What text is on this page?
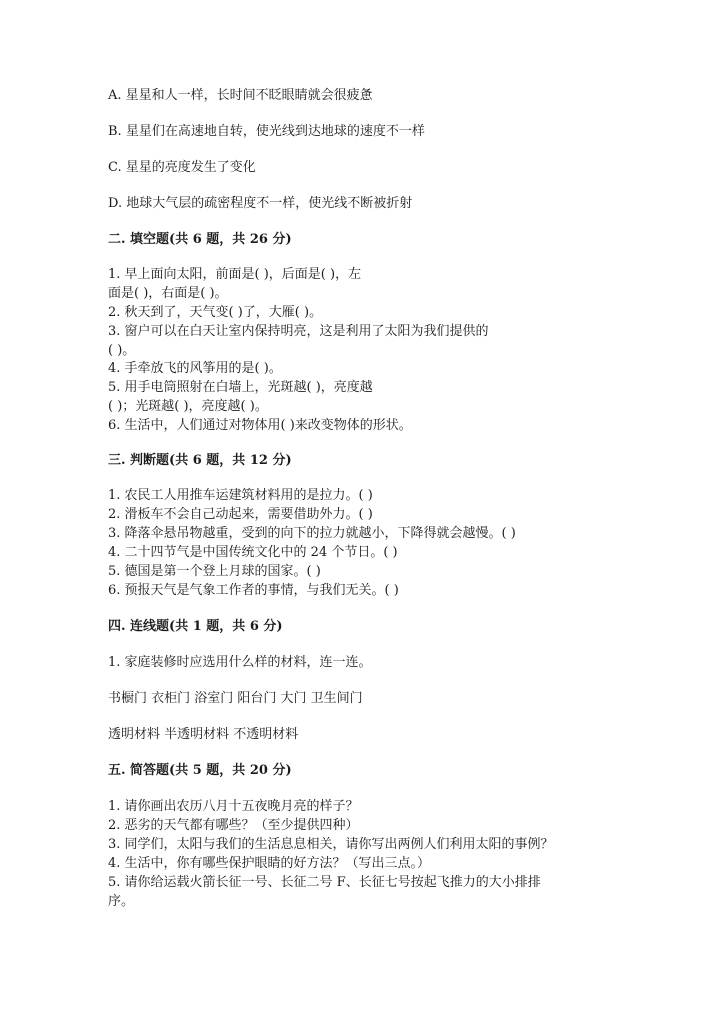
A. 星星和人一样，长时间不眨眼睛就会很疲惫
B. 星星们在高速地自转，使光线到达地球的速度不一样
C. 星星的亮度发生了变化
D. 地球大气层的疏密程度不一样，使光线不断被折射
二. 填空题(共 6 题，共 26 分)
1. 早上面向太阳，前面是( )，后面是( )，左
面是( )，右面是( )。
2. 秋天到了，天气变( )了，大雁( )。
3. 窗户可以在白天让室内保持明亮，这是利用了太阳为我们提供的
( )。
4. 手牵放飞的风筝用的是( )。
5. 用手电筒照射在白墙上，光斑越( )，亮度越
( )；光斑越( )，亮度越( )。
6. 生活中，人们通过对物体用( )来改变物体的形状。
三. 判断题(共 6 题，共 12 分)
1. 农民工人用推车运建筑材料用的是拉力。( )
2. 滑板车不会自己动起来，需要借助外力。( )
3. 降落伞悬吊物越重，受到的向下的拉力就越小，下降得就会越慢。( )
4. 二十四节气是中国传统文化中的 24 个节日。( )
5. 德国是第一个登上月球的国家。( )
6. 预报天气是气象工作者的事情，与我们无关。( )
四. 连线题(共 1 题，共 6 分)
1. 家庭装修时应选用什么样的材料，连一连。
书橱门 衣柜门 浴室门 阳台门 大门 卫生间门
透明材料 半透明材料 不透明材料
五. 简答题(共 5 题，共 20 分)
1. 请你画出农历八月十五夜晚月亮的样子？
2. 恶劣的天气都有哪些？（至少提供四种）
3. 同学们，太阳与我们的生活息息相关，请你写出两例人们利用太阳的事例？
4. 生活中，你有哪些保护眼睛的好方法？（写出三点。）
5. 请你给运载火箭长征一号、长征二号 F、长征七号按起飞推力的大小排排
序。
